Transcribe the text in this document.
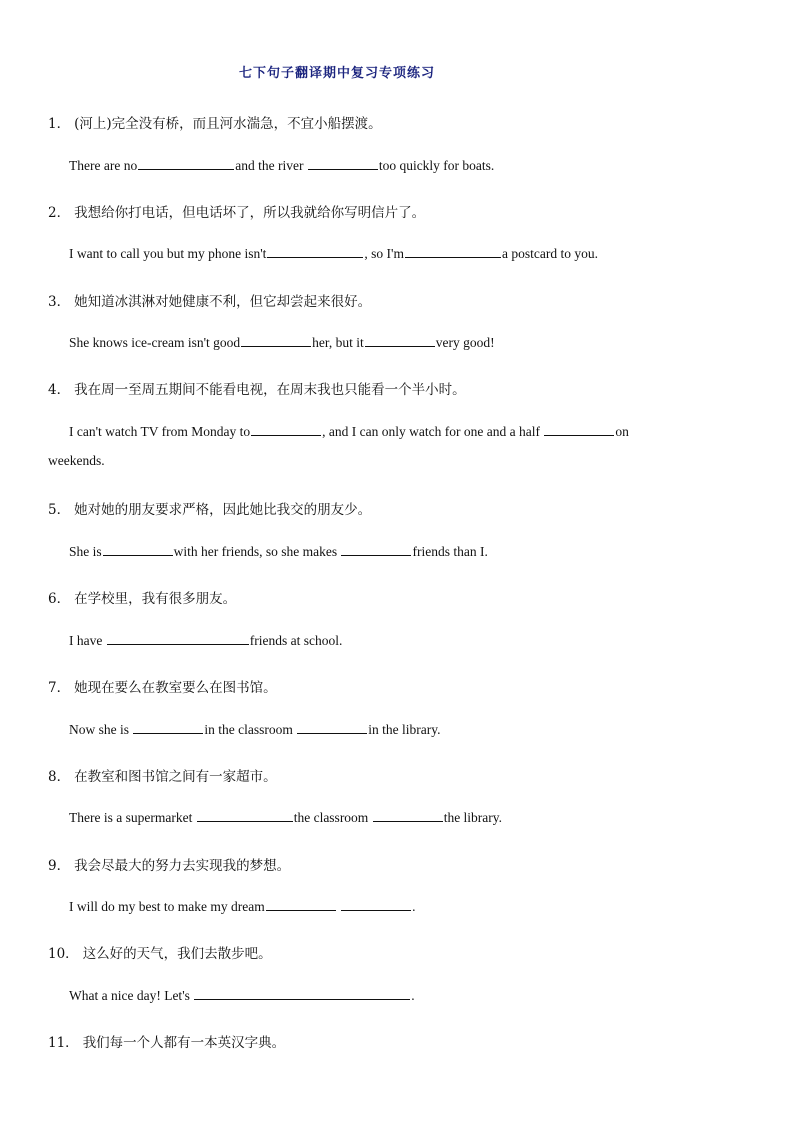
七下句子翻译期中复习专项练习
1． (河上)完全没有桥，而且河水湍急，不宜小船摆渡。
There are no	and the river	too quickly for boats.
2． 我想给你打电话，但电话坏了，所以我就给你写明信片了。
I want to call you but my phone isn't	, so I'm	a postcard to you.
3． 她知道冰淇淋对她健康不利，但它却尝起来很好。
She knows ice-cream isn't good	her, but it	very good!
4． 我在周一至周五期间不能看电视，在周末我也只能看一个半小时。
I can't watch TV from Monday to	, and I can only watch for one and a half	on
weekends.
5． 她对她的朋友要求严格，因此她比我交的朋友少。
She is	with her friends, so she makes	friends than I.
6． 在学校里，我有很多朋友。
I have	friends at school.
7． 她现在要么在教室要么在图书馆。
Now she is	in the classroom	in the library.
8． 在教室和图书馆之间有一家超市。
There is a supermarket	the classroom	the library.
9． 我会尽最大的努力去实现我的梦想。
I will do my best to make my dream	.
10． 这么好的天气，我们去散步吧。
What a nice day! Let's	.
11． 我们每一个人都有一本英汉字典。
